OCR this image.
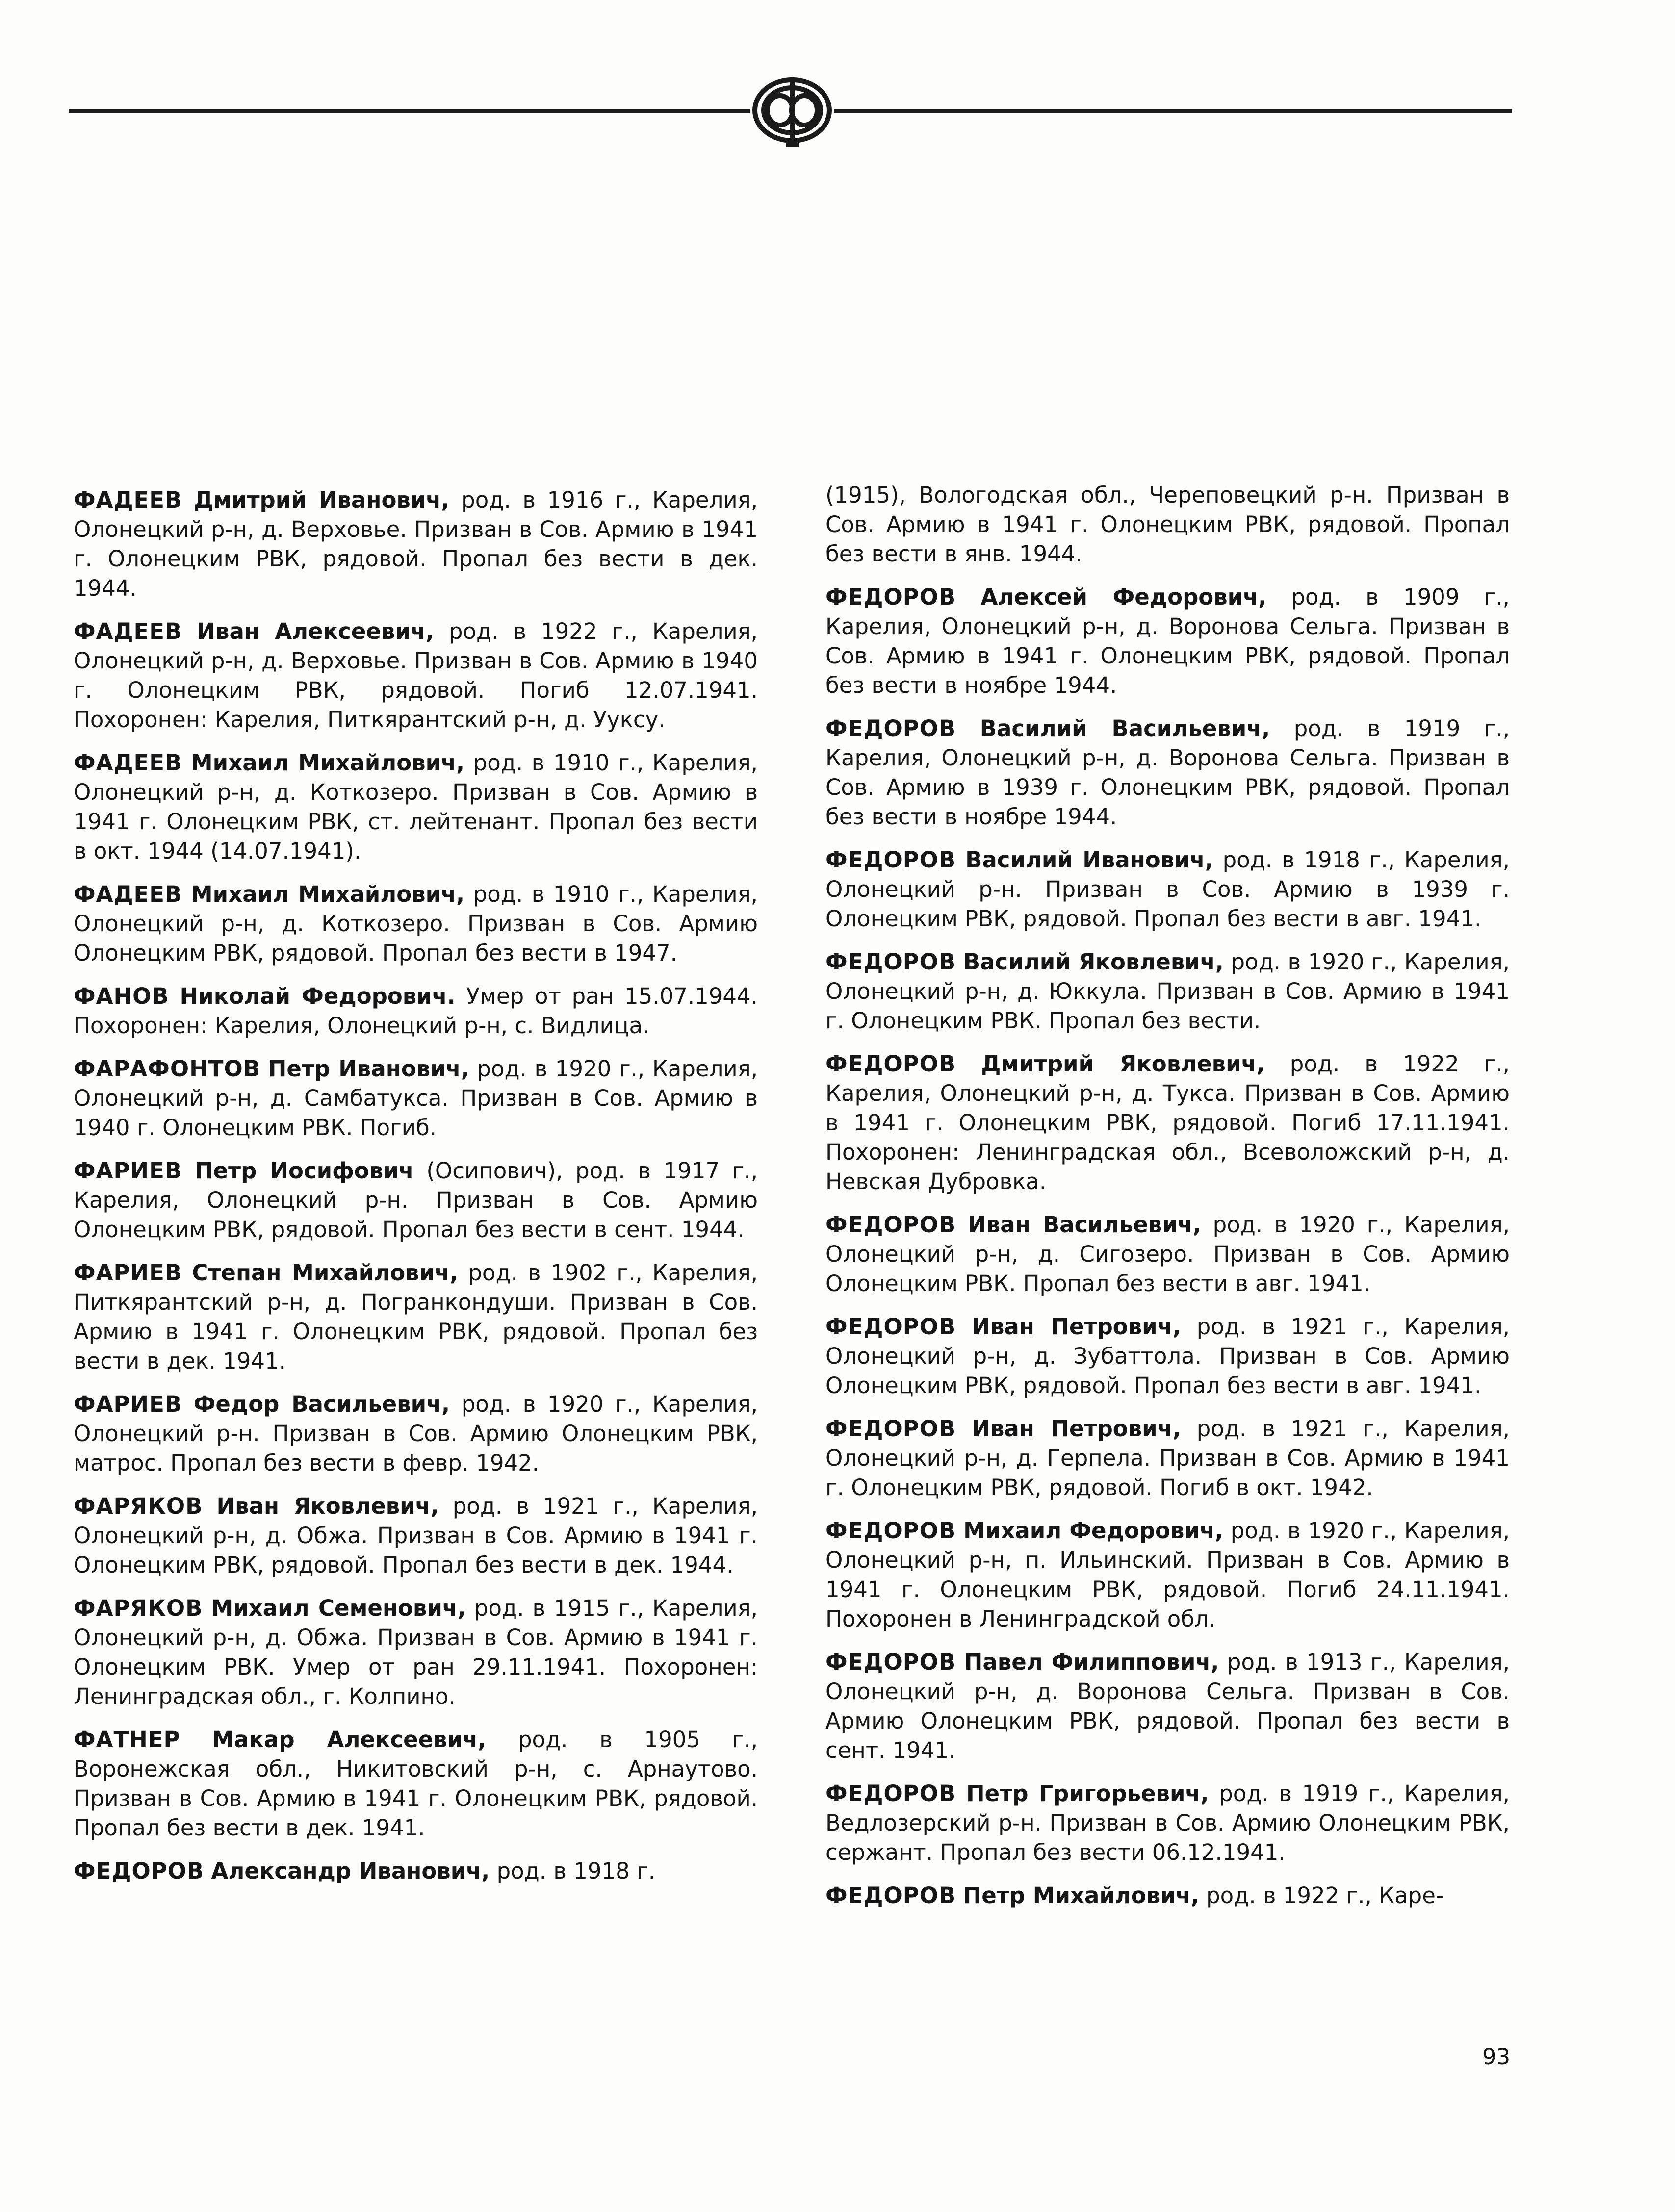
ФАДЕЕВ Дмитрий Иванович, род. в 1916 г., Карелия, Олонецкий р-н, д. Верховье. Призван в Сов. Армию в 1941 г. Олонецким РВК, рядовой. Пропал без вести в дек. 1944.

ФАДЕЕВ Иван Алексеевич, род. в 1922 г., Карелия, Олонецкий р-н, д. Верховье. Призван в Сов. Армию в 1940 г. Олонецким РВК, рядовой. Погиб 12.07.1941. Похоронен: Карелия, Питкярантский р-н, д. Ууксу.

ФАДЕЕВ Михаил Михайлович, род. в 1910 г., Карелия, Олонецкий р-н, д. Коткозеро. Призван в Сов. Армию в 1941 г. Олонецким РВК, ст. лейтенант. Пропал без вести в окт. 1944 (14.07.1941).

ФАДЕЕВ Михаил Михайлович, род. в 1910 г., Карелия, Олонецкий р-н, д. Коткозеро. Призван в Сов. Армию Олонецким РВК, рядовой. Пропал без вести в 1947.

ФАНОВ Николай Федорович. Умер от ран 15.07.1944. Похоронен: Карелия, Олонецкий р-н, с. Видлица.

ФАРАФОНТОВ Петр Иванович, род. в 1920 г., Карелия, Олонецкий р-н, д. Самбатукса. Призван в Сов. Армию в 1940 г. Олонецким РВК. Погиб.

ФАРИЕВ Петр Иосифович (Осипович), род. в 1917 г., Карелия, Олонецкий р-н. Призван в Сов. Армию Олонецким РВК, рядовой. Пропал без вести в сент. 1944.

ФАРИЕВ Степан Михайлович, род. в 1902 г., Карелия, Питкярантский р-н, д. Погранкондуши. Призван в Сов. Армию в 1941 г. Олонецким РВК, рядовой. Пропал без вести в дек. 1941.

ФАРИЕВ Федор Васильевич, род. в 1920 г., Карелия, Олонецкий р-н. Призван в Сов. Армию Олонецким РВК, матрос. Пропал без вести в февр. 1942.

ФАРЯКОВ Иван Яковлевич, род. в 1921 г., Карелия, Олонецкий р-н, д. Обжа. Призван в Сов. Армию в 1941 г. Олонецким РВК, рядовой. Пропал без вести в дек. 1944.

ФАРЯКОВ Михаил Семенович, род. в 1915 г., Карелия, Олонецкий р-н, д. Обжа. Призван в Сов. Армию в 1941 г. Олонецким РВК. Умер от ран 29.11.1941. Похоронен: Ленинградская обл., г. Колпино.

ФАТНЕР Макар Алексеевич, род. в 1905 г., Воронежская обл., Никитовский р-н, с. Арнаутово. Призван в Сов. Армию в 1941 г. Олонецким РВК, рядовой. Пропал без вести в дек. 1941.

ФЕДОРОВ Александр Иванович, род. в 1918 г.

(1915), Вологодская обл., Череповецкий р-н. Призван в Сов. Армию в 1941 г. Олонецким РВК, рядовой. Пропал без вести в янв. 1944.

ФЕДОРОВ Алексей Федорович, род. в 1909 г., Карелия, Олонецкий р-н, д. Воронова Сельга. Призван в Сов. Армию в 1941 г. Олонецким РВК, рядовой. Пропал без вести в ноябре 1944.

ФЕДОРОВ Василий Васильевич, род. в 1919 г., Карелия, Олонецкий р-н, д. Воронова Сельга. Призван в Сов. Армию в 1939 г. Олонецким РВК, рядовой. Пропал без вести в ноябре 1944.

ФЕДОРОВ Василий Иванович, род. в 1918 г., Карелия, Олонецкий р-н. Призван в Сов. Армию в 1939 г. Олонецким РВК, рядовой. Пропал без вести в авг. 1941.

ФЕДОРОВ Василий Яковлевич, род. в 1920 г., Карелия, Олонецкий р-н, д. Юккула. Призван в Сов. Армию в 1941 г. Олонецким РВК. Пропал без вести.

ФЕДОРОВ Дмитрий Яковлевич, род. в 1922 г., Карелия, Олонецкий р-н, д. Тукса. Призван в Сов. Армию в 1941 г. Олонецким РВК, рядовой. Погиб 17.11.1941. Похоронен: Ленинградская обл., Всеволожский р-н, д. Невская Дубровка.

ФЕДОРОВ Иван Васильевич, род. в 1920 г., Карелия, Олонецкий р-н, д. Сигозеро. Призван в Сов. Армию Олонецким РВК. Пропал без вести в авг. 1941.

ФЕДОРОВ Иван Петрович, род. в 1921 г., Карелия, Олонецкий р-н, д. Зубаттола. Призван в Сов. Армию Олонецким РВК, рядовой. Пропал без вести в авг. 1941.

ФЕДОРОВ Иван Петрович, род. в 1921 г., Карелия, Олонецкий р-н, д. Герпела. Призван в Сов. Армию в 1941 г. Олонецким РВК, рядовой. Погиб в окт. 1942.

ФЕДОРОВ Михаил Федорович, род. в 1920 г., Карелия, Олонецкий р-н, п. Ильинский. Призван в Сов. Армию в 1941 г. Олонецким РВК, рядовой. Погиб 24.11.1941. Похоронен в Ленинградской обл.

ФЕДОРОВ Павел Филиппович, род. в 1913 г., Карелия, Олонецкий р-н, д. Воронова Сельга. Призван в Сов. Армию Олонецким РВК, рядовой. Пропал без вести в сент. 1941.

ФЕДОРОВ Петр Григорьевич, род. в 1919 г., Карелия, Ведлозерский р-н. Призван в Сов. Армию Олонецким РВК, сержант. Пропал без вести 06.12.1941.

ФЕДОРОВ Петр Михайлович, род. в 1922 г., Каре-

93
